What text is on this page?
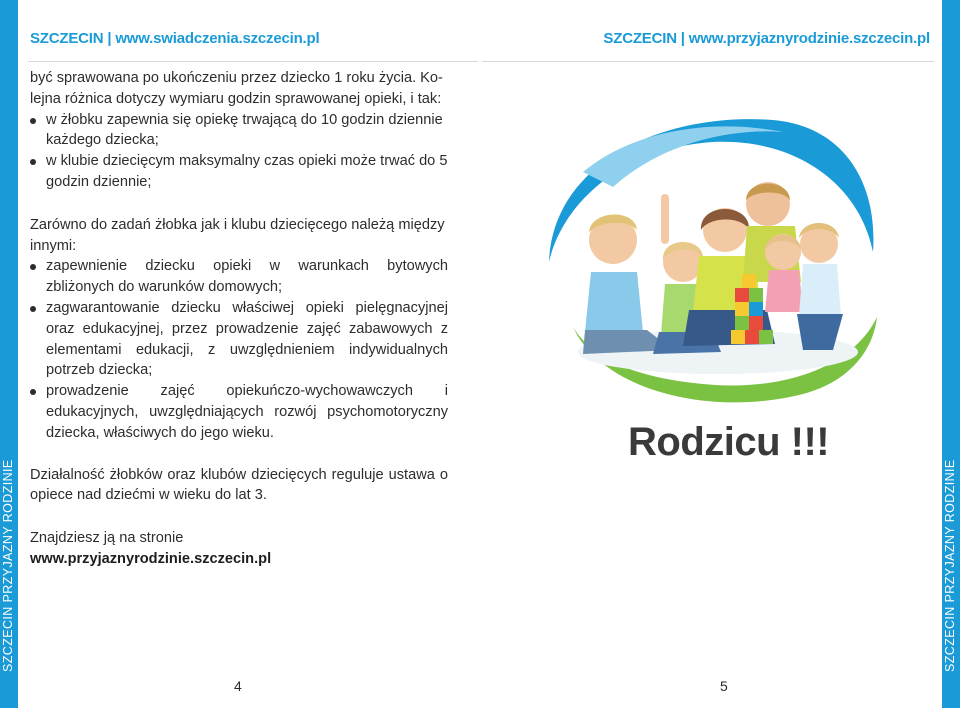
SZCZECIN PRZYJAZNY RODZINIE	SZCZECIN PRZYJAZNY RODZINIE
SZCZECIN | www.swiadczenia.szczecin.pl	SZCZECIN | www.przyjaznyrodzinie.szczecin.pl

być sprawowana po ukończeniu przez dziecko 1 roku życia. Ko-

lejna różnica dotyczy wymiaru godzin sprawowanej opieki, i tak:

w żłobku zapewnia się opiekę trwającą do 10 godzin dziennie każdego dziecka;
w klubie dziecięcym maksymalny czas opieki może trwać do 5 godzin dziennie;

Zarówno do zadań żłobka jak i klubu dziecięcego należą między innymi:

zapewnienie dziecku opieki w warunkach bytowych zbliżonych do warunków domowych;
zagwarantowanie dziecku właściwej opieki pielęgnacyjnej oraz edukacyjnej, przez prowadzenie zajęć zabawowych z elementami edukacji, z uwzględnieniem indywidualnych potrzeb dziecka;
prowadzenie zajęć opiekuńczo-wychowawczych i edukacyjnych, uwzględniających rozwój psychomotoryczny dziecka, właściwych do jego wieku.

Działalność żłobków oraz klubów dziecięcych reguluje ustawa o opiece nad dziećmi w wieku do lat 3.

Znajdziesz ją na stronie

www.przyjaznyrodzinie.szczecin.pl

4	5
Rodzicu !!!
